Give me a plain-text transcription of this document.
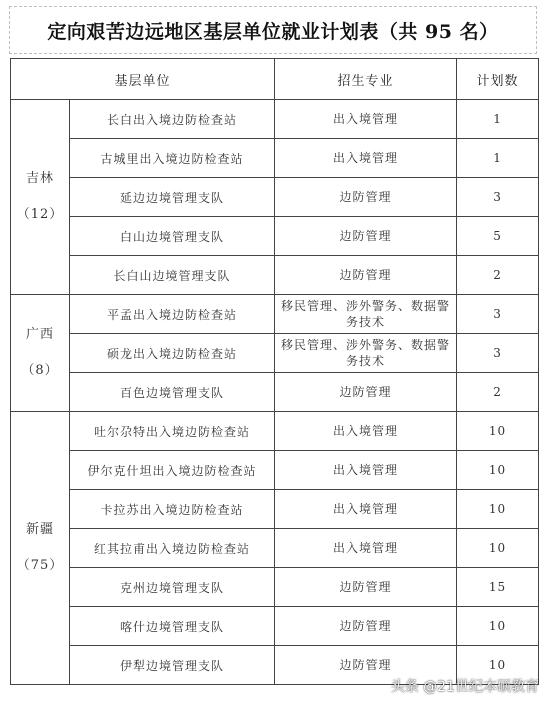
定向艰苦边远地区基层单位就业计划表（共 95 名）
基层单位		招生专业	计划数

吉林
（12）	长白出入境边防检查站	出入境管理	1
	古城里出入境边防检查站	出入境管理	1
	延边边境管理支队	边防管理	3
	白山边境管理支队	边防管理	5
	长白山边境管理支队	边防管理	2

广西
（8）	平孟出入境边防检查站	移民管理、涉外警务、数据警务技术	3
	硕龙出入境边防检查站	移民管理、涉外警务、数据警务技术	3
	百色边境管理支队	边防管理	2

新疆
（75）	吐尔尕特出入境边防检查站	出入境管理	10
	伊尔克什坦出入境边防检查站	出入境管理	10
	卡拉苏出入境边防检查站	出入境管理	10
	红其拉甫出入境边防检查站	出入境管理	10
	克州边境管理支队	边防管理	15
	喀什边境管理支队	边防管理	10
	伊犁边境管理支队	边防管理	10
头条 @21世纪本硕教育
